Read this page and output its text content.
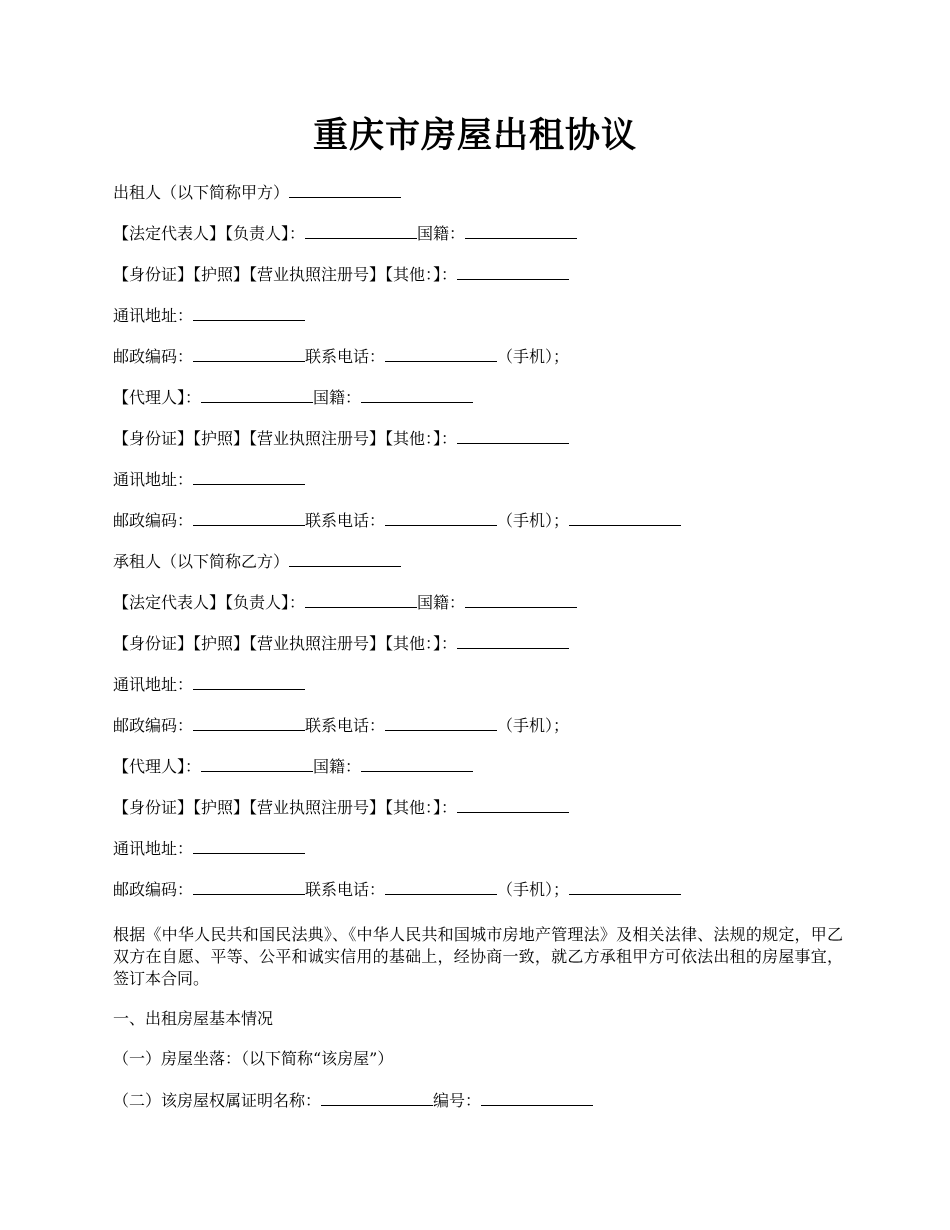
重庆市房屋出租协议
出租人（以下简称甲方）
【法定代表人】【负责人】：	国籍：
【身份证】【护照】【营业执照注册号】【其他：】：
通讯地址：
邮政编码：	联系电话：	（手机）；
【代理人】：	国籍：
【身份证】【护照】【营业执照注册号】【其他：】：
通讯地址：
邮政编码：	联系电话：	（手机）；
承租人（以下简称乙方）
【法定代表人】【负责人】：	国籍：
【身份证】【护照】【营业执照注册号】【其他：】：
通讯地址：
邮政编码：	联系电话：	（手机）；
【代理人】：	国籍：
【身份证】【护照】【营业执照注册号】【其他：】：
通讯地址：
邮政编码：	联系电话：	（手机）；
根据《中华人民共和国民法典》、《中华人民共和国城市房地产管理法》及相关法律、法规的规定，甲乙双方在自愿、平等、公平和诚实信用的基础上，经协商一致，就乙方承租甲方可依法出租的房屋事宜，签订本合同。
一、出租房屋基本情况
（一）房屋坐落：（以下简称“该房屋”）
（二）该房屋权属证明名称：	编号：
